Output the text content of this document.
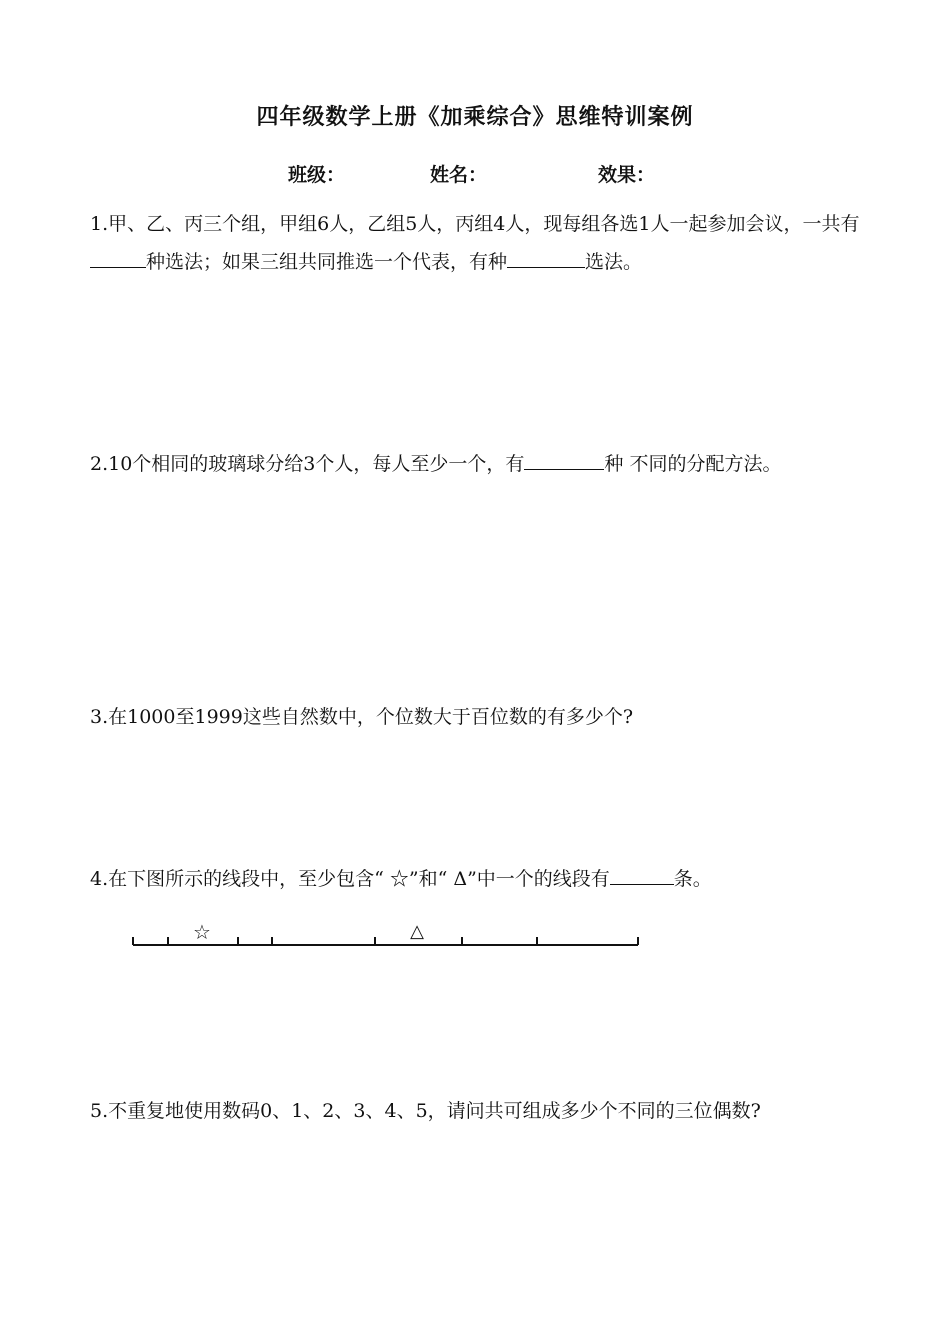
四年级数学上册《加乘综合》思维特训案例
班级：	姓名：	效果：
1.甲、乙、丙三个组，甲组6人，乙组5人，丙组4人，现每组各选1人一起参加会议，一共有种选法；如果三组共同推选一个代表，有种	选法。
2.10个相同的玻璃球分给3个人，每人至少一个，有	种 不同的分配方法。
3.在1000至1999这些自然数中，个位数大于百位数的有多少个?
4.在下图所示的线段中，至少包含“ ☆”和“ Δ”中一个的线段有	条。
☆	△
5.不重复地使用数码0、1、2、3、4、5，请问共可组成多少个不同的三位偶数?
